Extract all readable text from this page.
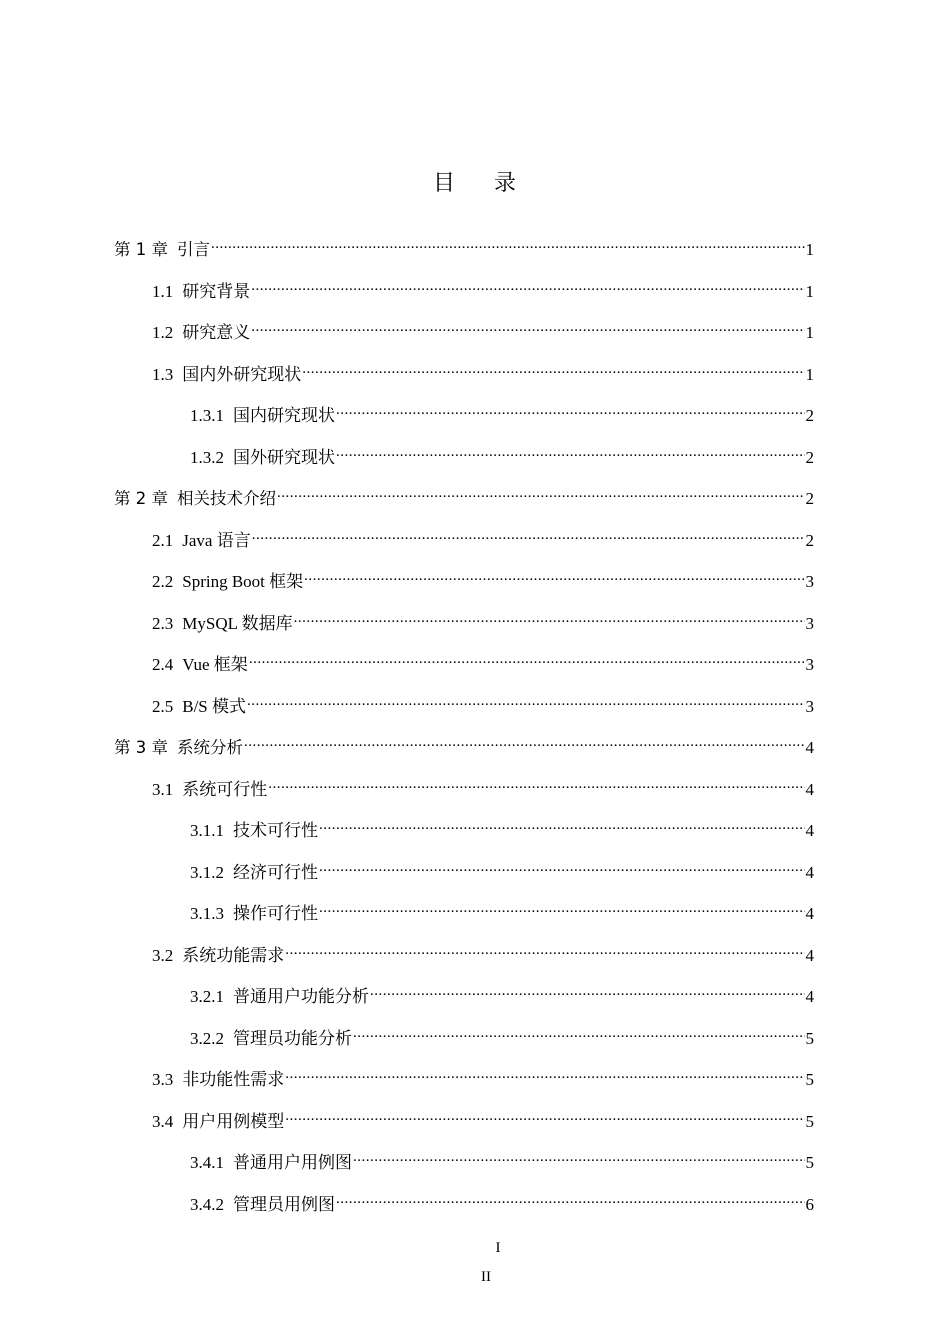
目 录
第 1 章 引言 .....	1
1.1 研究背景 .....	1
1.2 研究意义 .....	1
1.3 国内外研究现状 .....	1
1.3.1 国内研究现状 .....	2
1.3.2 国外研究现状 .....	2
第 2 章 相关技术介绍 .....	2
2.1 Java 语言 .....	2
2.2 Spring Boot 框架 .....	3
2.3 MySQL 数据库 .....	3
2.4 Vue 框架 .....	3
2.5 B/S 模式 .....	3
第 3 章 系统分析 .....	4
3.1 系统可行性 .....	4
3.1.1 技术可行性 .....	4
3.1.2 经济可行性 .....	4
3.1.3 操作可行性 .....	4
3.2 系统功能需求 .....	4
3.2.1 普通用户功能分析 .....	4
3.2.2 管理员功能分析 .....	5
3.3 非功能性需求 .....	5
3.4 用户用例模型 .....	5
3.4.1 普通用户用例图 .....	5
3.4.2 管理员用例图 .....	6
I
II
